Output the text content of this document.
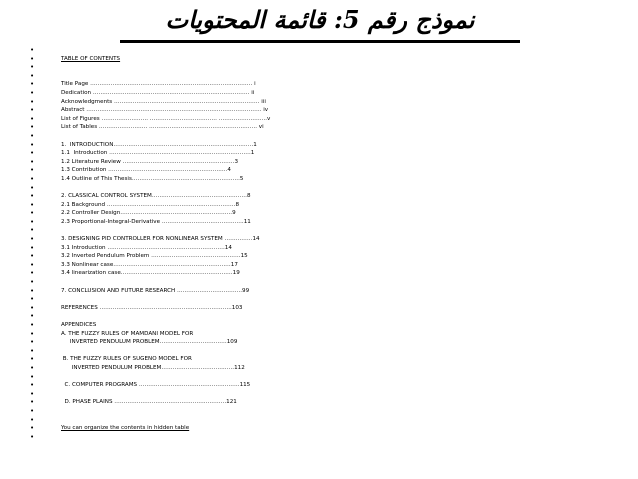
نموذج رقم 5: قائمة المحتويات
•
•	TABLE OF CONTENTS
•
•
•	Title Page …………………………………………………………………………… i
•	Dedication ………………………………………………………………………… ii
•	Acknowledgments …………………………………………………………………… iii
•	Abstract …………………………………………………………………………………. iv
•	List of Figures ……………………. ……………………………… ……………………..v
•	List of Tables …………………….. …………………………………………………. vi
•
•	1.  INTRODUCTION…………………………………………………………………1
•	1.1  Introduction ………………………………………………………………….1
•	1.2 Literature Review ……………………………………………………3
•	1.3 Contribution ……………………………………………………….4
•	1.4 Outline of This Thesis………………………………………………….5
•
•	2. CLASSICAL CONTROL SYSTEM……………………………………………8
•	2.1 Background ……………………………………………………………8
•	2.2 Controller Design……………………………………………………9
•	2.3 Proportional-Integral-Derivative ……………………………………..11
•
•	3. DESIGNING PID CONTROLLER FOR NONLINEAR SYSTEM ……………14
•	3.1 Introduction ………………………………………………………14
•	3.2 Inverted Pendulum Problem …………………………………………15
•	3.3 Nonlinear case………………………………………………………17
•	3.4 linearization case……………………………………………………19
•
•	7. CONCLUSION AND FUTURE RESEARCH ……………………………..99
•
•	REFERENCES ……………………………………………………………..103
•
•	APPENDICES
•	A. THE FUZZY RULES OF MAMDANI MODEL FOR
•	INVERTED PENDULUM PROBLEM………………………………109
•
•	B. THE FUZZY RULES OF SUGENO MODEL FOR
•	INVERTED PENDULUM PROBLEM…………………………………112
•
•	C. COMPUTER PROGRAMS ………………………………………………115
•
•	D. PHASE PLAINS ……………………………………………………121
•
•
•	You can organize the contents in hidden table
•
